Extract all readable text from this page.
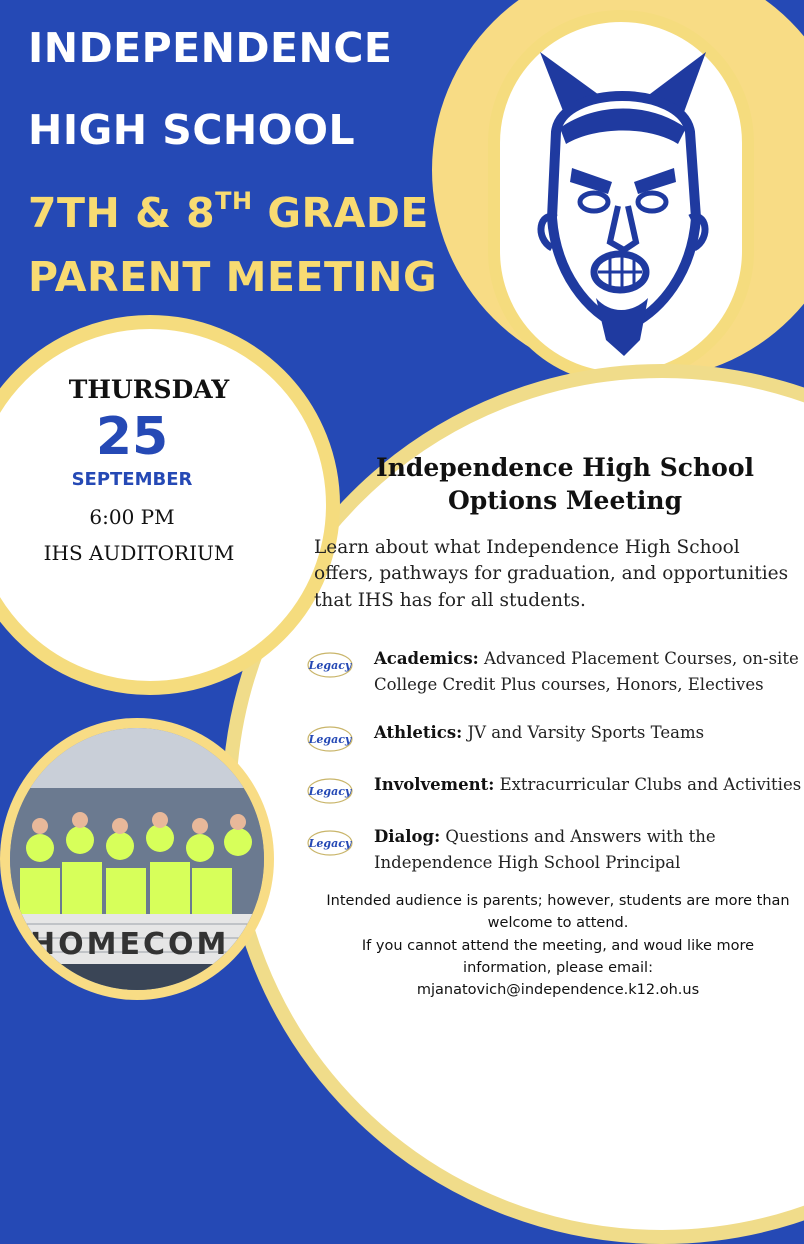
INDEPENDENCE
HIGH SCHOOL
7TH & 8TH GRADE
PARENT MEETING
THURSDAY
25
SEPTEMBER
6:00 PM
IHS AUDITORIUM
HOMECOM
Independence High School Options Meeting
Learn about what Independence High School offers, pathways for graduation, and opportunities that IHS has for all students.
Legacy Academics: Advanced Placement Courses, on-site College Credit Plus courses, Honors, Electives
Legacy Athletics: JV and Varsity Sports Teams
Legacy Involvement: Extracurricular Clubs and Activities
Legacy Dialog: Questions and Answers with the Independence High School Principal
Intended audience is parents; however, students are more than welcome to attend.
If you cannot attend the meeting, and woud like more information, please email:
mjanatovich@independence.k12.oh.us
